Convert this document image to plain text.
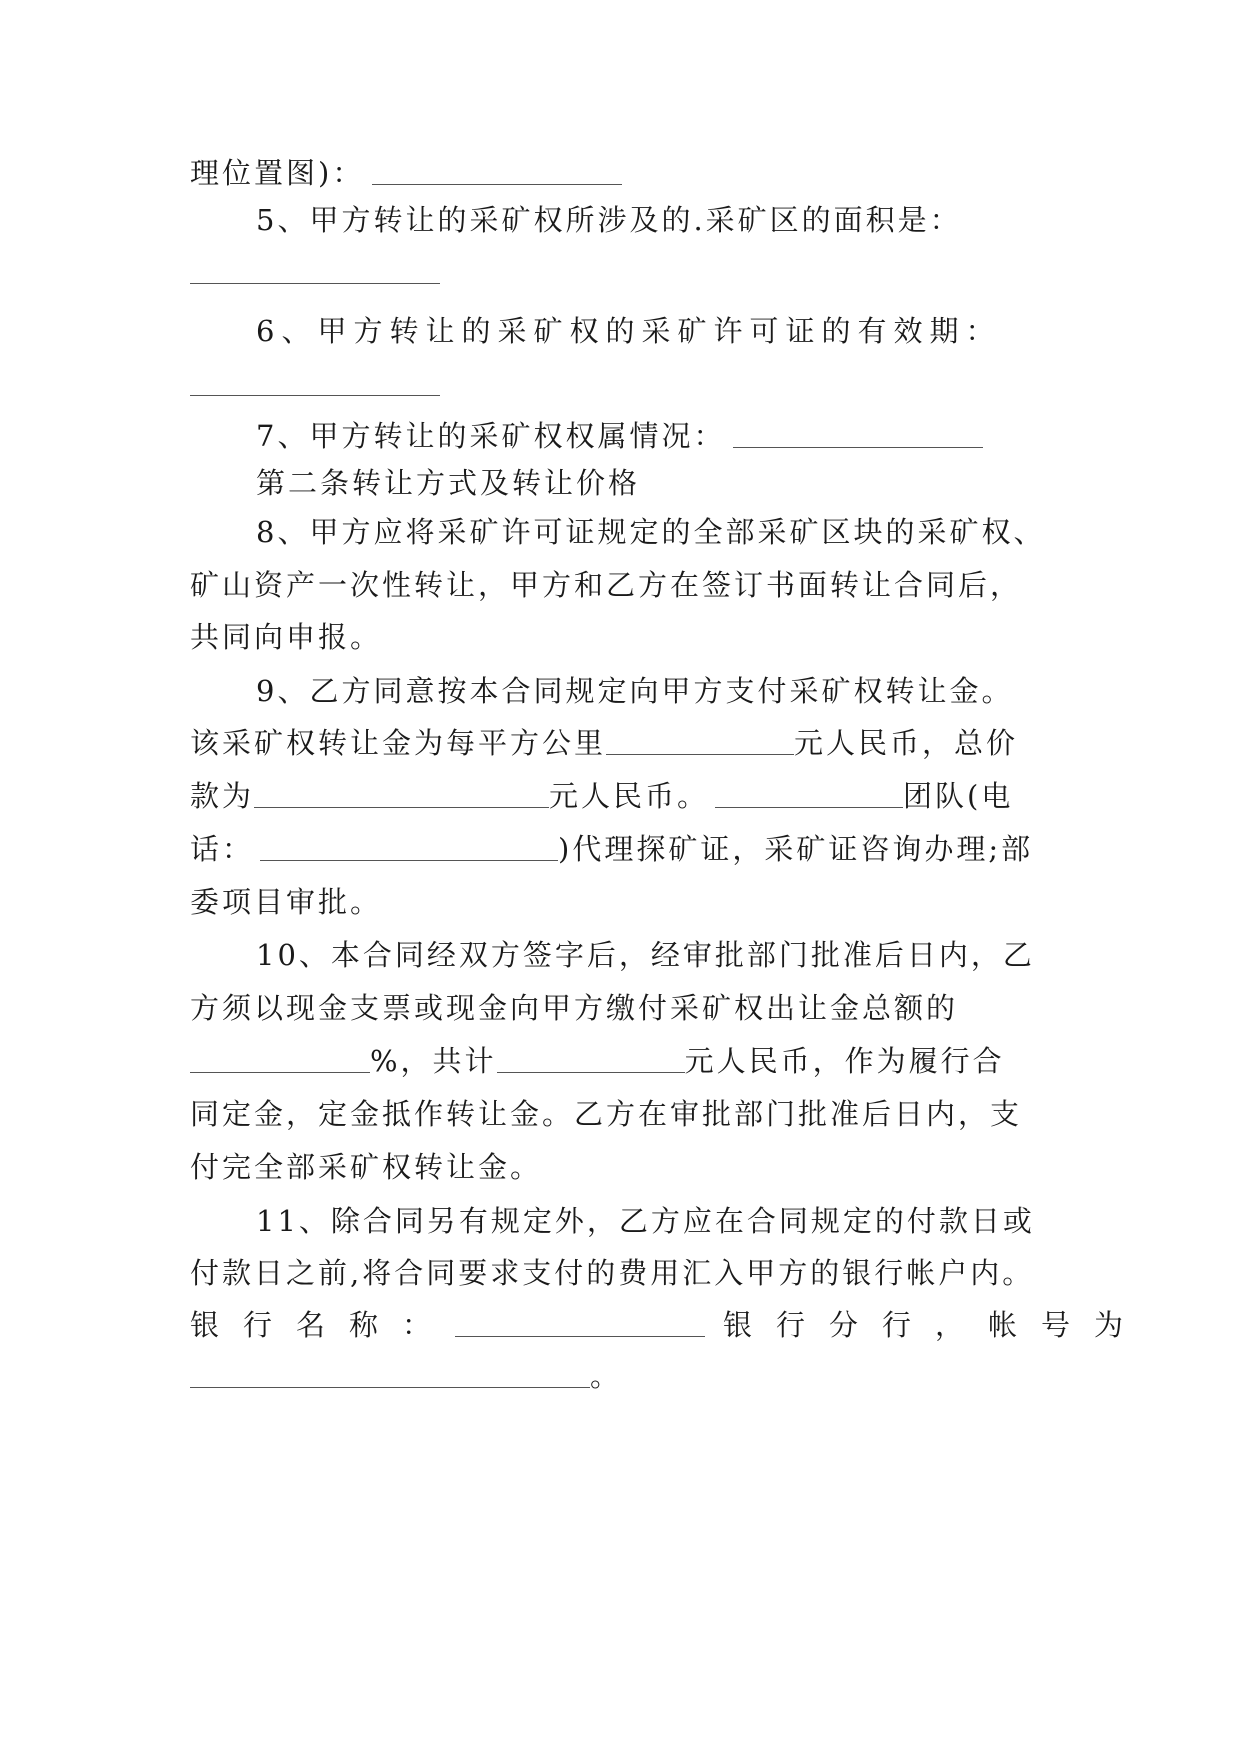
理位置图)：
5、甲方转让的采矿权所涉及的.采矿区的面积是：
6、甲方转让的采矿权的采矿许可证的有效期：
7、甲方转让的采矿权权属情况：
第二条转让方式及转让价格
8、甲方应将采矿许可证规定的全部采矿区块的采矿权、
矿山资产一次性转让，甲方和乙方在签订书面转让合同后，
共同向申报。
9、乙方同意按本合同规定向甲方支付采矿权转让金。
该采矿权转让金为每平方公里	元人民币，总价
款为	元人民币。	团队(电
话：	)代理探矿证，采矿证咨询办理;部
委项目审批。
10、本合同经双方签字后，经审批部门批准后日内，乙
方须以现金支票或现金向甲方缴付采矿权出让金总额的
%，共计	元人民币，作为履行合
同定金，定金抵作转让金。乙方在审批部门批准后日内，支
付完全部采矿权转让金。
11、除合同另有规定外，乙方应在合同规定的付款日或
付款日之前,将合同要求支付的费用汇入甲方的银行帐户内。
银行名称：	银行分行，帐号为
。
